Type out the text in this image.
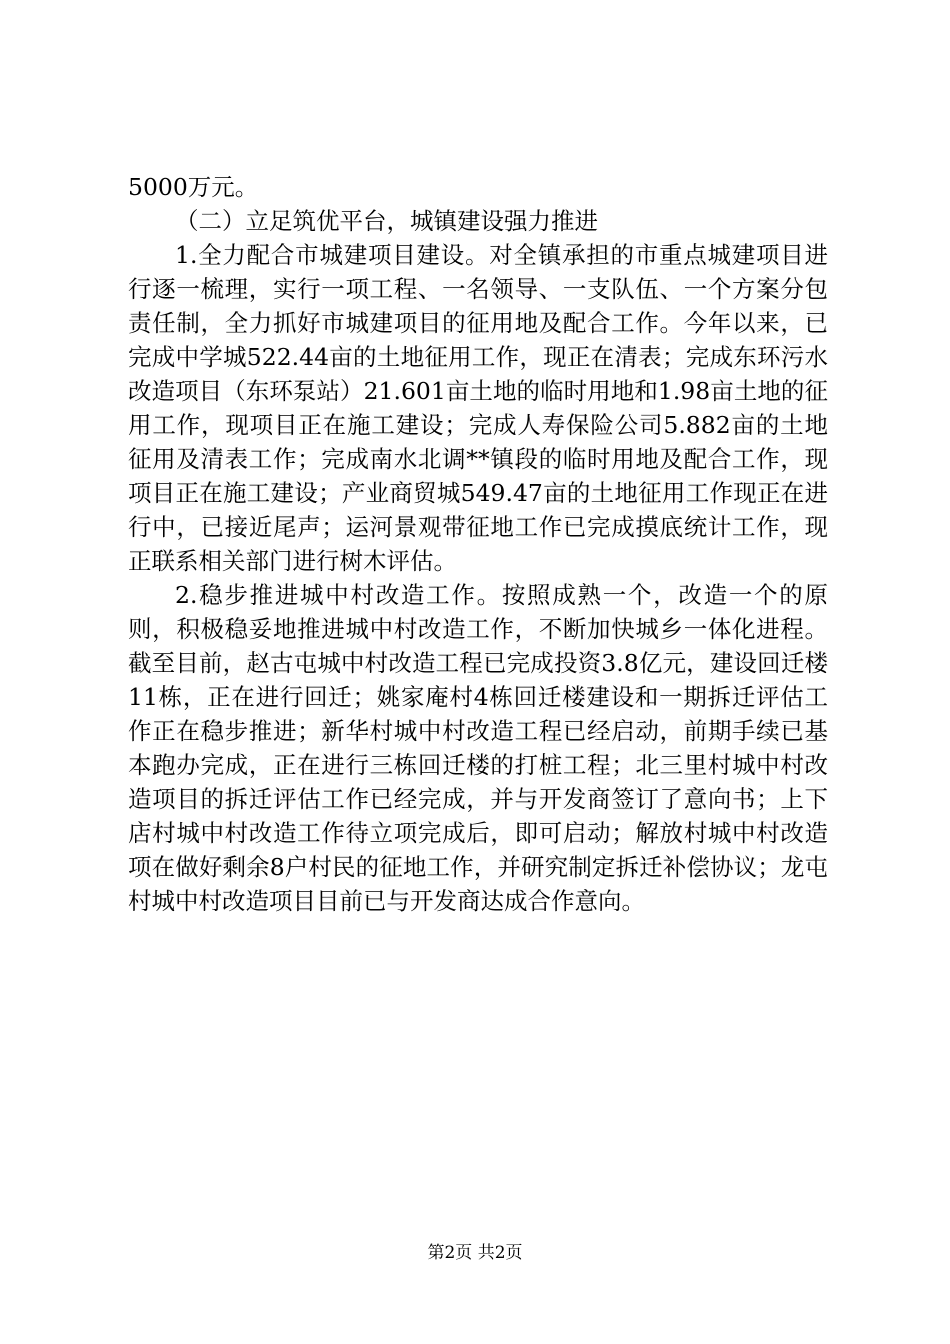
5000万元。

（二）立足筑优平台，城镇建设强力推进

1.全力配合市城建项目建设。对全镇承担的市重点城建项目进行逐一梳理，实行一项工程、一名领导、一支队伍、一个方案分包责任制，全力抓好市城建项目的征用地及配合工作。今年以来，已完成中学城522.44亩的土地征用工作，现正在清表；完成东环污水改造项目（东环泵站）21.601亩土地的临时用地和1.98亩土地的征用工作，现项目正在施工建设；完成人寿保险公司5.882亩的土地征用及清表工作；完成南水北调**镇段的临时用地及配合工作，现项目正在施工建设；产业商贸城549.47亩的土地征用工作现正在进行中，已接近尾声；运河景观带征地工作已完成摸底统计工作，现正联系相关部门进行树木评估。

2.稳步推进城中村改造工作。按照成熟一个，改造一个的原则，积极稳妥地推进城中村改造工作，不断加快城乡一体化进程。截至目前，赵古屯城中村改造工程已完成投资3.8亿元，建设回迁楼11栋，正在进行回迁；姚家庵村4栋回迁楼建设和一期拆迁评估工作正在稳步推进；新华村城中村改造工程已经启动，前期手续已基本跑办完成，正在进行三栋回迁楼的打桩工程；北三里村城中村改造项目的拆迁评估工作已经完成，并与开发商签订了意向书；上下店村城中村改造工作待立项完成后，即可启动；解放村城中村改造项在做好剩余8户村民的征地工作，并研究制定拆迁补偿协议；龙屯村城中村改造项目目前已与开发商达成合作意向。

第2页 共2页
